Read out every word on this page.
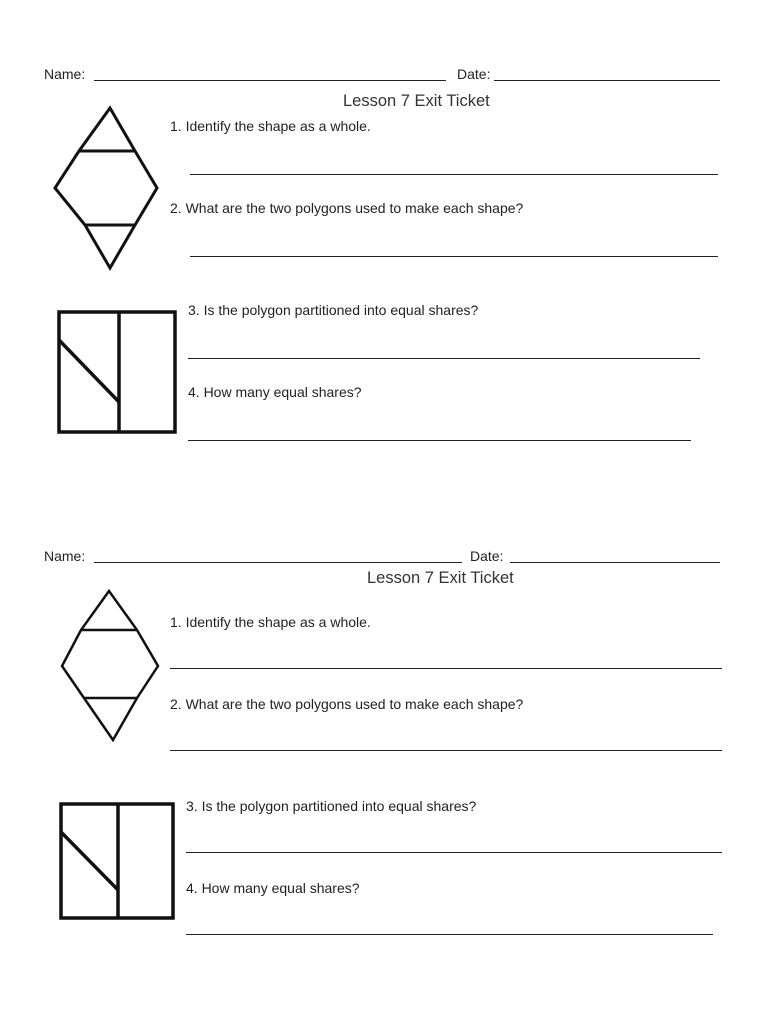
Name:	Date:
Lesson 7 Exit Ticket
1. Identify the shape as a whole.
2. What are the two polygons used to make each shape?
3. Is the polygon partitioned into equal shares?
4. How many equal shares?
Name:	Date:
Lesson 7 Exit Ticket
1. Identify the shape as a whole.
2. What are the two polygons used to make each shape?
3. Is the polygon partitioned into equal shares?
4. How many equal shares?
